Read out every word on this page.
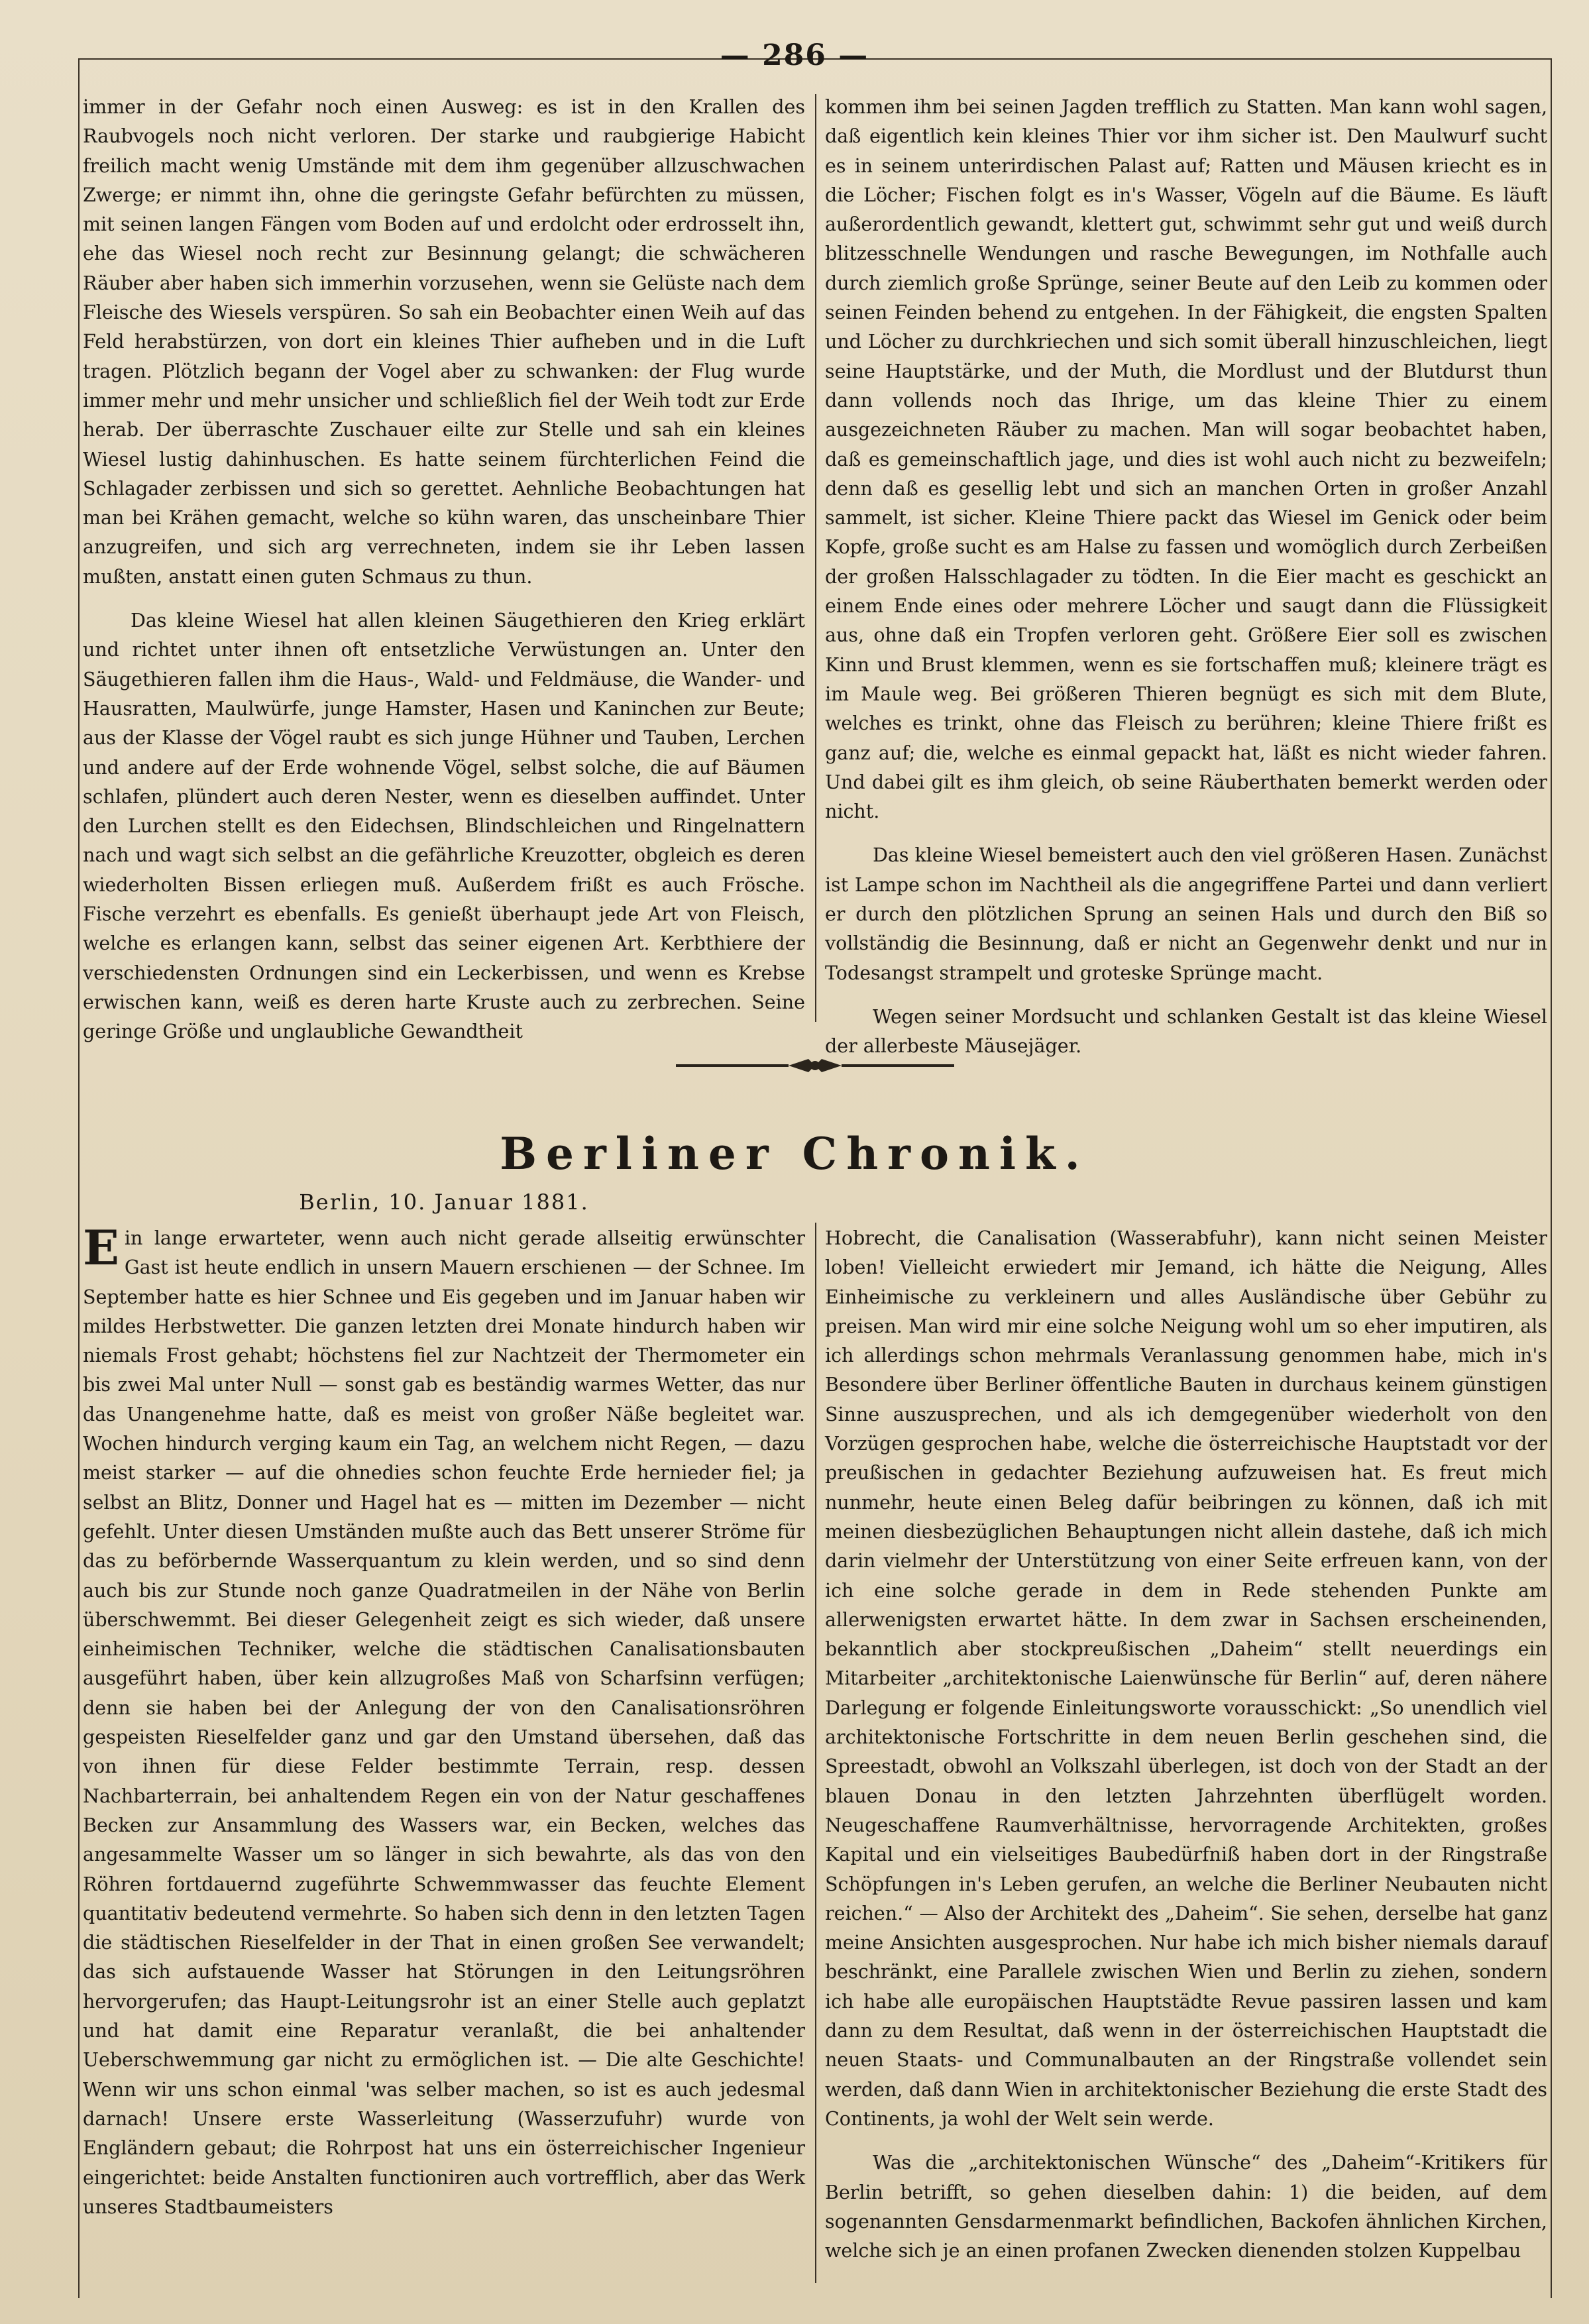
— 286 —

immer in der Gefahr noch einen Ausweg: es ist in den Krallen des Raubvogels noch nicht verloren. Der starke und raubgierige Habicht freilich macht wenig Umstände mit dem ihm gegenüber allzuschwachen Zwerge; er nimmt ihn, ohne die geringste Gefahr befürchten zu müssen, mit seinen langen Fängen vom Boden auf und erdolcht oder erdrosselt ihn, ehe das Wiesel noch recht zur Besinnung gelangt; die schwächeren Räuber aber haben sich immerhin vorzusehen, wenn sie Gelüste nach dem Fleische des Wiesels verspüren. So sah ein Beobachter einen Weih auf das Feld herabstürzen, von dort ein kleines Thier aufheben und in die Luft tragen. Plötzlich begann der Vogel aber zu schwanken: der Flug wurde immer mehr und mehr unsicher und schließlich fiel der Weih todt zur Erde herab. Der überraschte Zuschauer eilte zur Stelle und sah ein kleines Wiesel lustig dahinhuschen. Es hatte seinem fürchterlichen Feind die Schlagader zerbissen und sich so gerettet. Aehnliche Beobachtungen hat man bei Krähen gemacht, welche so kühn waren, das unscheinbare Thier anzugreifen, und sich arg verrechneten, indem sie ihr Leben lassen mußten, anstatt einen guten Schmaus zu thun.

Das kleine Wiesel hat allen kleinen Säugethieren den Krieg erklärt und richtet unter ihnen oft entsetzliche Verwüstungen an. Unter den Säugethieren fallen ihm die Haus-, Wald- und Feldmäuse, die Wander- und Hausratten, Maulwürfe, junge Hamster, Hasen und Kaninchen zur Beute; aus der Klasse der Vögel raubt es sich junge Hühner und Tauben, Lerchen und andere auf der Erde wohnende Vögel, selbst solche, die auf Bäumen schlafen, plündert auch deren Nester, wenn es dieselben auffindet. Unter den Lurchen stellt es den Eidechsen, Blindschleichen und Ringelnattern nach und wagt sich selbst an die gefährliche Kreuzotter, obgleich es deren wiederholten Bissen erliegen muß. Außerdem frißt es auch Frösche. Fische verzehrt es ebenfalls. Es genießt überhaupt jede Art von Fleisch, welche es erlangen kann, selbst das seiner eigenen Art. Kerbthiere der verschiedensten Ordnungen sind ein Leckerbissen, und wenn es Krebse erwischen kann, weiß es deren harte Kruste auch zu zerbrechen. Seine geringe Größe und unglaubliche Gewandtheit

kommen ihm bei seinen Jagden trefflich zu Statten. Man kann wohl sagen, daß eigentlich kein kleines Thier vor ihm sicher ist. Den Maulwurf sucht es in seinem unterirdischen Palast auf; Ratten und Mäusen kriecht es in die Löcher; Fischen folgt es in's Wasser, Vögeln auf die Bäume. Es läuft außerordentlich gewandt, klettert gut, schwimmt sehr gut und weiß durch blitzesschnelle Wendungen und rasche Bewegungen, im Nothfalle auch durch ziemlich große Sprünge, seiner Beute auf den Leib zu kommen oder seinen Feinden behend zu entgehen. In der Fähigkeit, die engsten Spalten und Löcher zu durchkriechen und sich somit überall hinzuschleichen, liegt seine Hauptstärke, und der Muth, die Mordlust und der Blutdurst thun dann vollends noch das Ihrige, um das kleine Thier zu einem ausgezeichneten Räuber zu machen. Man will sogar beobachtet haben, daß es gemeinschaftlich jage, und dies ist wohl auch nicht zu bezweifeln; denn daß es gesellig lebt und sich an manchen Orten in großer Anzahl sammelt, ist sicher. Kleine Thiere packt das Wiesel im Genick oder beim Kopfe, große sucht es am Halse zu fassen und womöglich durch Zerbeißen der großen Halsschlagader zu tödten. In die Eier macht es geschickt an einem Ende eines oder mehrere Löcher und saugt dann die Flüssigkeit aus, ohne daß ein Tropfen verloren geht. Größere Eier soll es zwischen Kinn und Brust klemmen, wenn es sie fortschaffen muß; kleinere trägt es im Maule weg. Bei größeren Thieren begnügt es sich mit dem Blute, welches es trinkt, ohne das Fleisch zu berühren; kleine Thiere frißt es ganz auf; die, welche es einmal gepackt hat, läßt es nicht wieder fahren. Und dabei gilt es ihm gleich, ob seine Räuberthaten bemerkt werden oder nicht.

Das kleine Wiesel bemeistert auch den viel größeren Hasen. Zunächst ist Lampe schon im Nachtheil als die angegriffene Partei und dann verliert er durch den plötzlichen Sprung an seinen Hals und durch den Biß so vollständig die Besinnung, daß er nicht an Gegenwehr denkt und nur in Todesangst strampelt und groteske Sprünge macht.

Wegen seiner Mordsucht und schlanken Gestalt ist das kleine Wiesel der allerbeste Mäusejäger.

Berliner Chronik.
Berlin, 10. Januar 1881.

Ein lange erwarteter, wenn auch nicht gerade allseitig erwünschter Gast ist heute endlich in unsern Mauern erschienen — der Schnee. Im September hatte es hier Schnee und Eis gegeben und im Januar haben wir mildes Herbstwetter. Die ganzen letzten drei Monate hindurch haben wir niemals Frost gehabt; höchstens fiel zur Nachtzeit der Thermometer ein bis zwei Mal unter Null — sonst gab es beständig warmes Wetter, das nur das Unangenehme hatte, daß es meist von großer Näße begleitet war. Wochen hindurch verging kaum ein Tag, an welchem nicht Regen, — dazu meist starker — auf die ohnedies schon feuchte Erde hernieder fiel; ja selbst an Blitz, Donner und Hagel hat es — mitten im Dezember — nicht gefehlt. Unter diesen Umständen mußte auch das Bett unserer Ströme für das zu beförbernde Wasserquantum zu klein werden, und so sind denn auch bis zur Stunde noch ganze Quadratmeilen in der Nähe von Berlin überschwemmt. Bei dieser Gelegenheit zeigt es sich wieder, daß unsere einheimischen Techniker, welche die städtischen Canalisationsbauten ausgeführt haben, über kein allzugroßes Maß von Scharfsinn verfügen; denn sie haben bei der Anlegung der von den Canalisationsröhren gespeisten Rieselfelder ganz und gar den Umstand übersehen, daß das von ihnen für diese Felder bestimmte Terrain, resp. dessen Nachbarterrain, bei anhaltendem Regen ein von der Natur geschaffenes Becken zur Ansammlung des Wassers war, ein Becken, welches das angesammelte Wasser um so länger in sich bewahrte, als das von den Röhren fortdauernd zugeführte Schwemmwasser das feuchte Element quantitativ bedeutend vermehrte. So haben sich denn in den letzten Tagen die städtischen Rieselfelder in der That in einen großen See verwandelt; das sich aufstauende Wasser hat Störungen in den Leitungsröhren hervorgerufen; das Haupt-Leitungsrohr ist an einer Stelle auch geplatzt und hat damit eine Reparatur veranlaßt, die bei anhaltender Ueberschwemmung gar nicht zu ermöglichen ist. — Die alte Geschichte! Wenn wir uns schon einmal 'was selber machen, so ist es auch jedesmal darnach! Unsere erste Wasserleitung (Wasserzufuhr) wurde von Engländern gebaut; die Rohrpost hat uns ein österreichischer Ingenieur eingerichtet: beide Anstalten functioniren auch vortrefflich, aber das Werk unseres Stadtbaumeisters

Hobrecht, die Canalisation (Wasserabfuhr), kann nicht seinen Meister loben! Vielleicht erwiedert mir Jemand, ich hätte die Neigung, Alles Einheimische zu verkleinern und alles Ausländische über Gebühr zu preisen. Man wird mir eine solche Neigung wohl um so eher imputiren, als ich allerdings schon mehrmals Veranlassung genommen habe, mich in's Besondere über Berliner öffentliche Bauten in durchaus keinem günstigen Sinne auszusprechen, und als ich demgegenüber wiederholt von den Vorzügen gesprochen habe, welche die österreichische Hauptstadt vor der preußischen in gedachter Beziehung aufzuweisen hat. Es freut mich nunmehr, heute einen Beleg dafür beibringen zu können, daß ich mit meinen diesbezüglichen Behauptungen nicht allein dastehe, daß ich mich darin vielmehr der Unterstützung von einer Seite erfreuen kann, von der ich eine solche gerade in dem in Rede stehenden Punkte am allerwenigsten erwartet hätte. In dem zwar in Sachsen erscheinenden, bekanntlich aber stockpreußischen „Daheim“ stellt neuerdings ein Mitarbeiter „architektonische Laienwünsche für Berlin“ auf, deren nähere Darlegung er folgende Einleitungsworte vorausschickt: „So unendlich viel architektonische Fortschritte in dem neuen Berlin geschehen sind, die Spreestadt, obwohl an Volkszahl überlegen, ist doch von der Stadt an der blauen Donau in den letzten Jahrzehnten überflügelt worden. Neugeschaffene Raumverhältnisse, hervorragende Architekten, großes Kapital und ein vielseitiges Baubedürfniß haben dort in der Ringstraße Schöpfungen in's Leben gerufen, an welche die Berliner Neubauten nicht reichen.“ — Also der Architekt des „Daheim“. Sie sehen, derselbe hat ganz meine Ansichten ausgesprochen. Nur habe ich mich bisher niemals darauf beschränkt, eine Parallele zwischen Wien und Berlin zu ziehen, sondern ich habe alle europäischen Hauptstädte Revue passiren lassen und kam dann zu dem Resultat, daß wenn in der österreichischen Hauptstadt die neuen Staats- und Communalbauten an der Ringstraße vollendet sein werden, daß dann Wien in architektonischer Beziehung die erste Stadt des Continents, ja wohl der Welt sein werde.

Was die „architektonischen Wünsche“ des „Daheim“-Kritikers für Berlin betrifft, so gehen dieselben dahin: 1) die beiden, auf dem sogenannten Gensdarmenmarkt befindlichen, Backofen ähnlichen Kirchen, welche sich je an einen profanen Zwecken dienenden stolzen Kuppelbau
